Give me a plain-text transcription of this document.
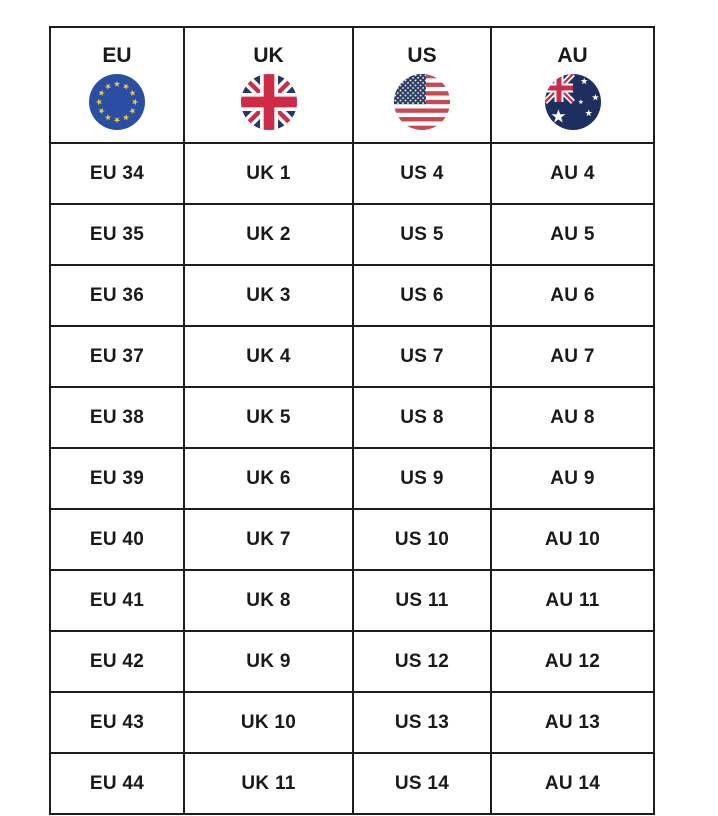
EU	UK	US	AU

EU 34	UK 1	US 4	AU 4
EU 35	UK 2	US 5	AU 5
EU 36	UK 3	US 6	AU 6
EU 37	UK 4	US 7	AU 7
EU 38	UK 5	US 8	AU 8
EU 39	UK 6	US 9	AU 9
EU 40	UK 7	US 10	AU 10
EU 41	UK 8	US 11	AU 11
EU 42	UK 9	US 12	AU 12
EU 43	UK 10	US 13	AU 13
EU 44	UK 11	US 14	AU 14
